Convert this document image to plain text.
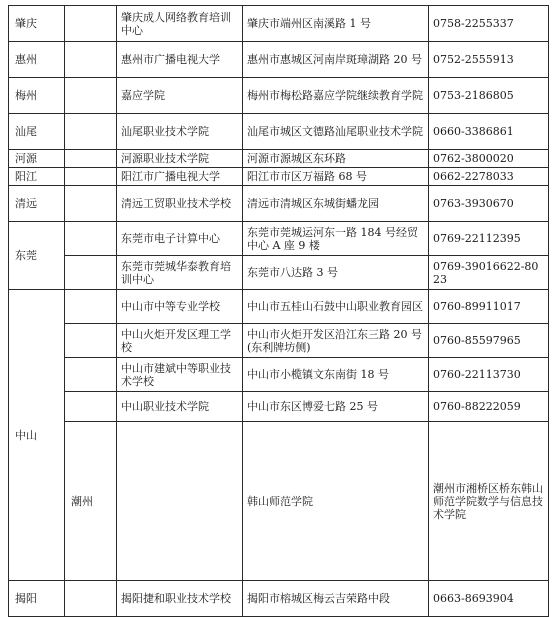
肇庆		肇庆成人网络教育培训中心	肇庆市端州区南溪路 1 号	0758-2255337	
惠州		惠州市广播电视大学	惠州市惠城区河南岸斑璋湖路 20 号	0752-2555913	
梅州		嘉应学院	梅州市梅松路嘉应学院继续教育学院	0753-2186805	
汕尾		汕尾职业技术学院	汕尾市城区文德路汕尾职业技术学院	0660-3386861	
河源		河源职业技术学院	河源市源城区东环路	0762-3800020	
阳江		阳江市广播电视大学	阳江市市区万福路 68 号	0662-2278033	
清远		清远工贸职业技术学校	清远市清城区东城街蟠龙园	0763-3930670	
东莞		东莞市电子计算中心	东莞市莞城运河东一路 184 号经贸中心 A 座 9 楼	0769-22112395	
		东莞市莞城华泰教育培训中心	东莞市八达路 3 号	0769-39016622-8023	
中山		中山市中等专业学校	中山市五桂山石鼓中山职业教育园区	0760-89911017	
		中山火炬开发区理工学校	中山市火炬开发区沿江东三路 20 号(东利牌坊侧)	0760-85597965	
		中山市建斌中等职业技术学校	中山市小榄镇文东南街 18 号	0760-22113730	
		中山职业技术学院	中山市东区博爱七路 25 号	0760-88222059	
	潮州		韩山师范学院	潮州市湘桥区桥东韩山师范学院数学与信息技术学院	
揭阳		揭阳捷和职业技术学校	揭阳市榕城区梅云吉荣路中段	0663-8693904	
